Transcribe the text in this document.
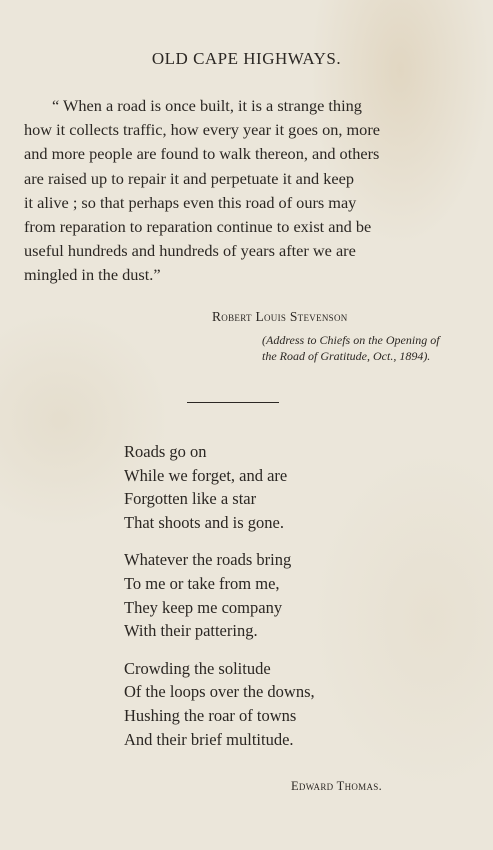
OLD CAPE HIGHWAYS.
“ When a road is once built, it is a strange thing
how it collects traffic, how every year it goes on, more
and more people are found to walk thereon, and others
are raised up to repair it and perpetuate it and keep
it alive ; so that perhaps even this road of ours may
from reparation to reparation continue to exist and be
useful hundreds and hundreds of years after we are
mingled in the dust.”
Robert Louis Stevenson
(Address to Chiefs on the Opening of
the Road of Gratitude, Oct., 1894).
Roads go on
While we forget, and are
Forgotten like a star
That shoots and is gone.
Whatever the roads bring
To me or take from me,
They keep me company
With their pattering.
Crowding the solitude
Of the loops over the downs,
Hushing the roar of towns
And their brief multitude.
Edward Thomas.
